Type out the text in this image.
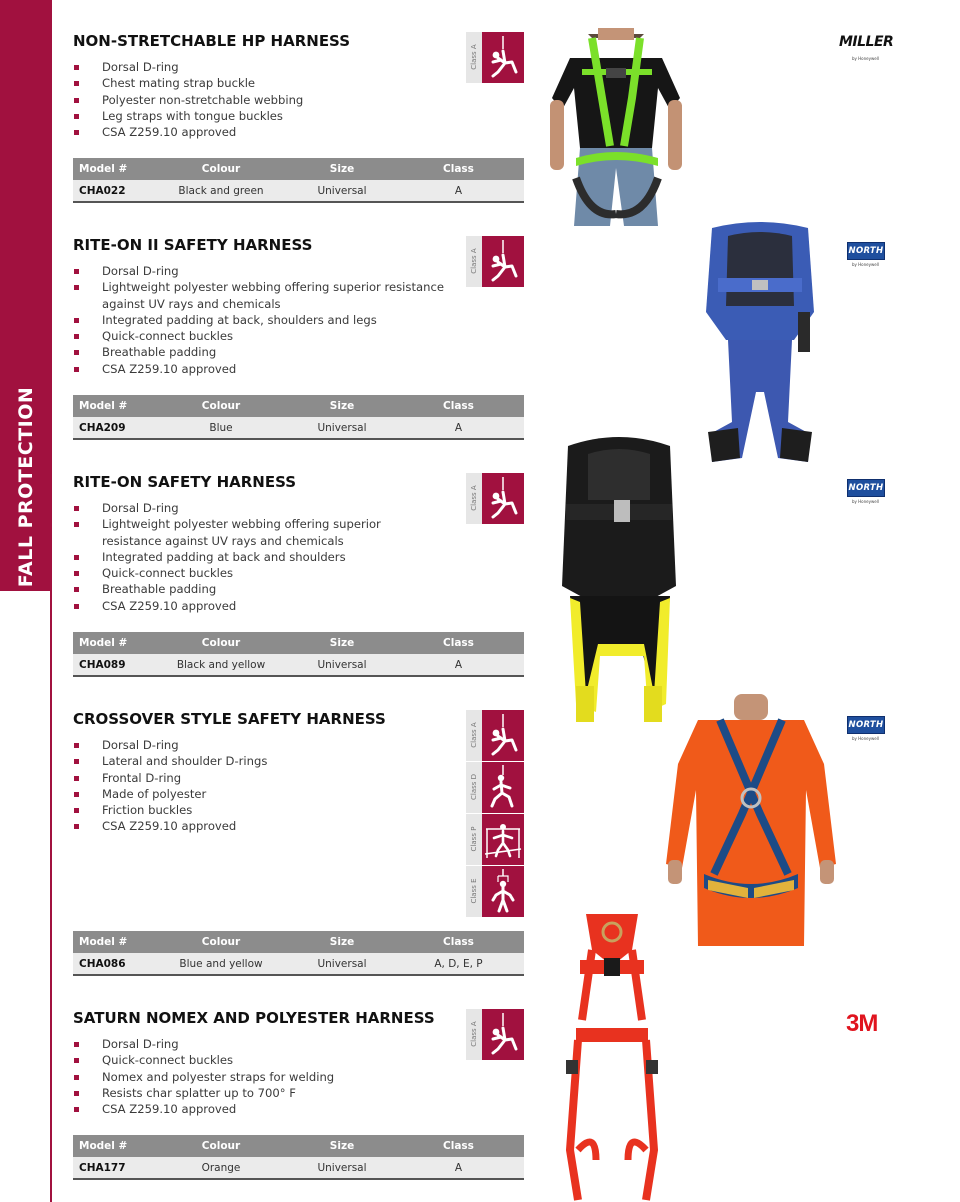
FALL PROTECTION
NON-STRETCHABLE HP HARNESS
Dorsal D-ring
Chest mating strap buckle
Polyester non-stretchable webbing
Leg straps with tongue buckles
CSA Z259.10 approved
Class A
Model #	Colour	Size	Class
CHA022	Black and green	Universal	A
RITE-ON II SAFETY HARNESS
Dorsal D-ring
Lightweight polyester webbing offering superior resistance against UV rays and chemicals
Integrated padding at back, shoulders and legs
Quick-connect buckles
Breathable padding
CSA Z259.10 approved
Class A
Model #	Colour	Size	Class
CHA209	Blue	Universal	A
RITE-ON SAFETY HARNESS
Dorsal D-ring
Lightweight polyester webbing offering superior resistance against UV rays and chemicals
Integrated padding at back and shoulders
Quick-connect buckles
Breathable padding
CSA Z259.10 approved
Class A
Model #	Colour	Size	Class
CHA089	Black and yellow	Universal	A
CROSSOVER STYLE SAFETY HARNESS
Dorsal D-ring
Lateral and shoulder D-rings
Frontal D-ring
Made of polyester
Friction buckles
CSA Z259.10 approved
Class A
Class D
Class P
Class E
Model #	Colour	Size	Class
CHA086	Blue and yellow	Universal	A, D, E, P
SATURN NOMEX AND POLYESTER HARNESS
Dorsal D-ring
Quick-connect buckles
Nomex and polyester straps for welding
Resists char splatter up to 700° F
CSA Z259.10 approved
Class A
Model #	Colour	Size	Class
CHA177	Orange	Universal	A
MILLER
by Honeywell
NORTH
by Honeywell
NORTH
by Honeywell
NORTH
by Honeywell
3M
